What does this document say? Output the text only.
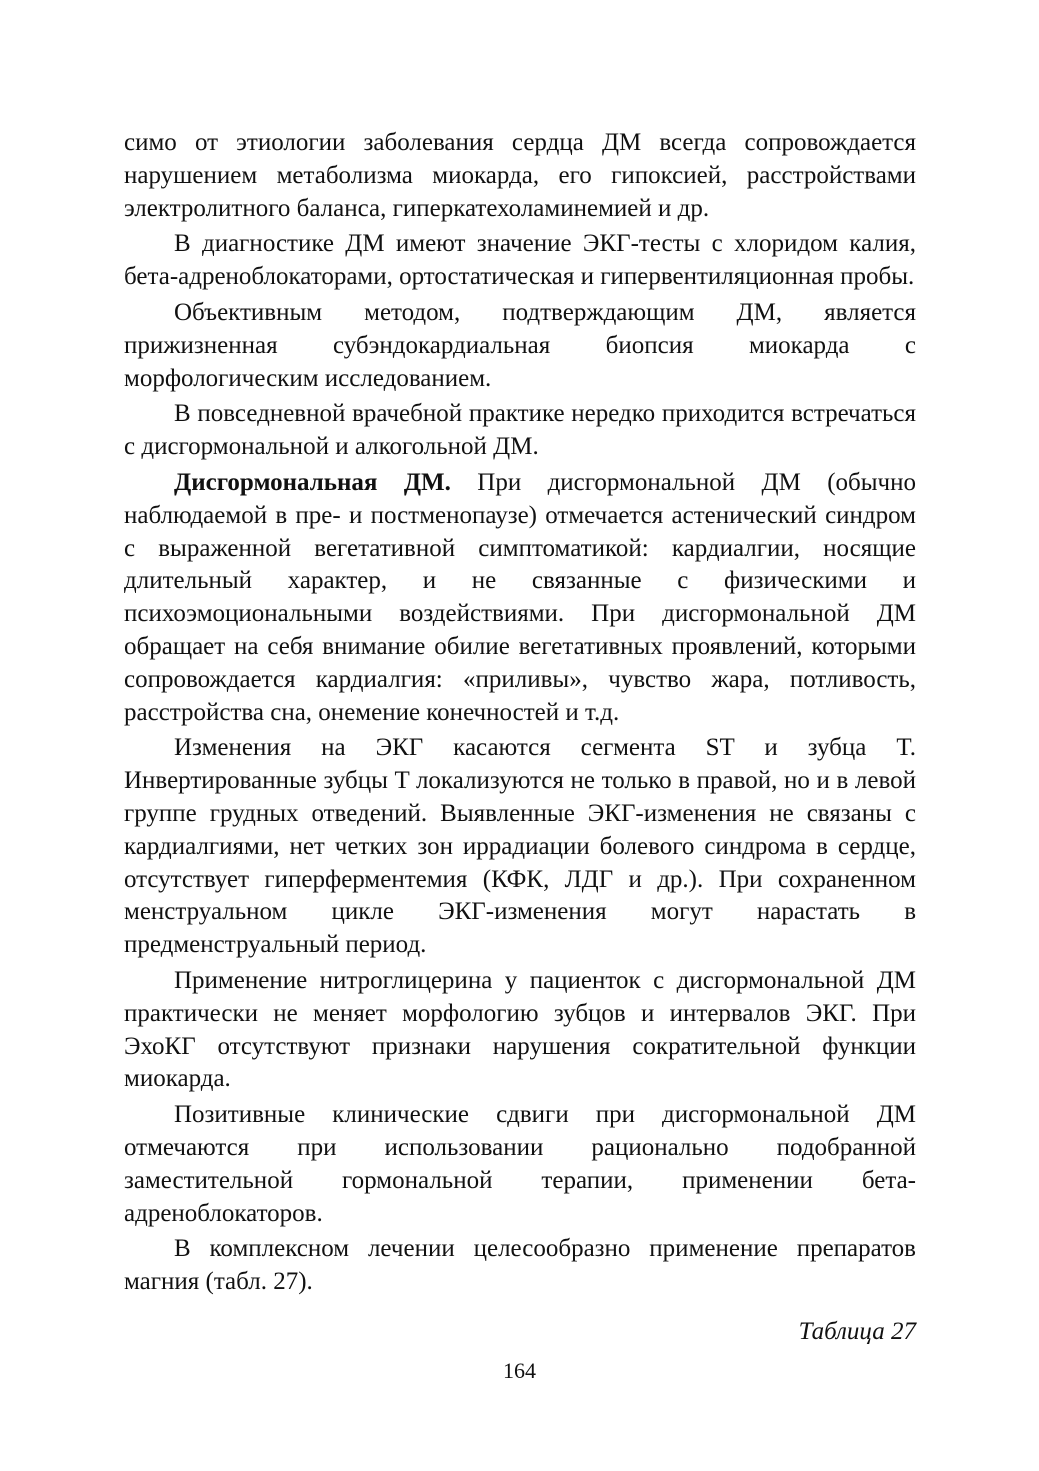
симо от этиологии заболевания сердца ДМ всегда сопровождается нарушением метаболизма миокарда, его гипоксией, расстройствами электролитного баланса, гиперкатехоламинемией и др.

В диагностике ДМ имеют значение ЭКГ-тесты с хлоридом калия, бета-адреноблокаторами, ортостатическая и гипервентиляционная пробы.

Объективным методом, подтверждающим ДМ, является прижизненная субэндокардиальная биопсия миокарда с морфологическим исследованием.

В повседневной врачебной практике нередко приходится встречаться с дисгормональной и алкогольной ДМ.

Дисгормональная ДМ. При дисгормональной ДМ (обычно наблюдаемой в пре- и постменопаузе) отмечается астенический синдром с выраженной вегетативной симптоматикой: кардиалгии, носящие длительный характер, и не связанные с физическими и психоэмоциональными воздействиями. При дисгормональной ДМ обращает на себя внимание обилие вегетативных проявлений, которыми сопровождается кардиалгия: «приливы», чувство жара, потливость, расстройства сна, онемение конечностей и т.д.

Изменения на ЭКГ касаются сегмента ST и зубца T. Инвертированные зубцы T локализуются не только в правой, но и в левой группе грудных отведений. Выявленные ЭКГ-изменения не связаны с кардиалгиями, нет четких зон иррадиации болевого синдрома в сердце, отсутствует гиперферментемия (КФК, ЛДГ и др.). При сохраненном менструальном цикле ЭКГ-изменения могут нарастать в предменструальный период.

Применение нитроглицерина у пациенток с дисгормональной ДМ практически не меняет морфологию зубцов и интервалов ЭКГ. При ЭхоКГ отсутствуют признаки нарушения сократительной функции миокарда.

Позитивные клинические сдвиги при дисгормональной ДМ отмечаются при использовании рационально подобранной заместительной гормональной терапии, применении бета-адреноблокаторов.

В комплексном лечении целесообразно применение препаратов магния (табл. 27).

Таблица 27
164
